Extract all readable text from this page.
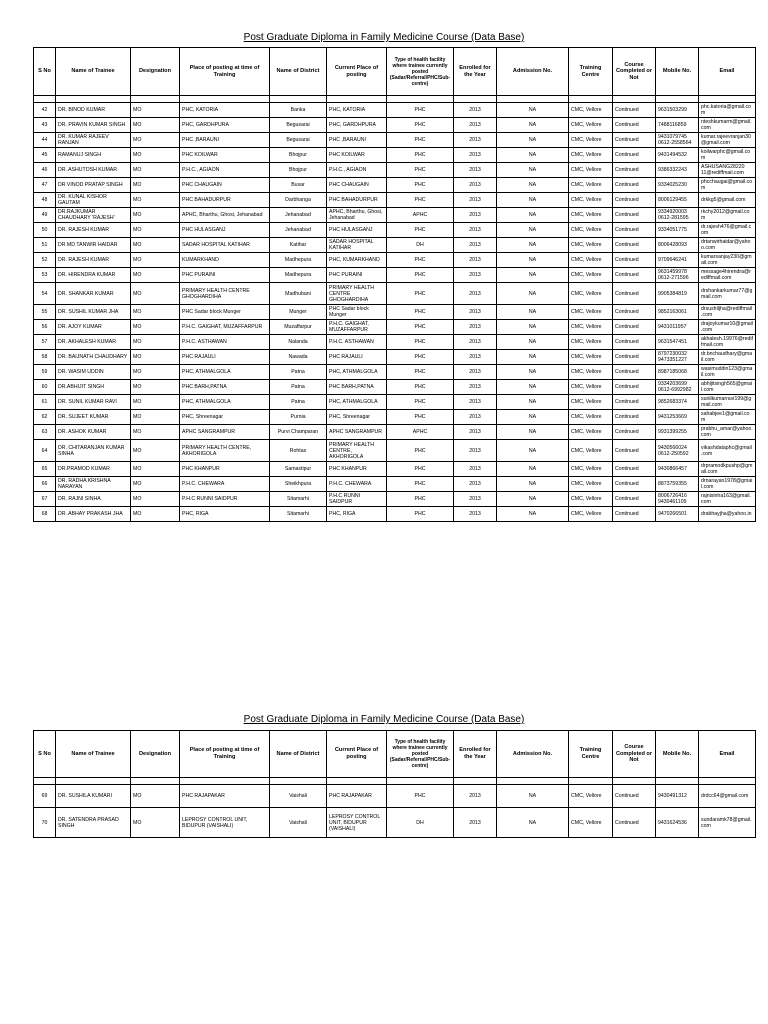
Post Graduate Diploma in Family Medicine Course (Data Base)
S No	Name of Trainee	Designation	Place of posting at time of Training	Name of District	Current Place of posting	Type of health facility where trainee currently posted (Sadar/Referral/PHC/Sub-centre)	Enrolled for the Year	Admission No.	Training Centre	Course Completed or Not	Mobile No.	Email

42	DR. BINOD KUMAR	MO	PHC, KATORIA	Banka	PHC, KATORIA	PHC	2013	NA	CMC, Vellore	Continued	9631503299	phc.katoria@gmail.com
43	DR. PRAVIN KUMAR SINGH	MO	PHC, GARDHPURA	Begusarai	PHC, GARDHPURA	PHC	2013	NA	CMC, Vellore	Continued	7488116859	nteshkumarm@gmail.com
44	DR. KUMAR RAJEEV RANJAN	MO	PHC ,BARAUNI	Begusarai	PHC ,BARAUNI	PHC	2013	NA	CMC, Vellore	Continued	9431079745 0612-2558564	kumar.rajeevranjan30@gmail.com
45	RAMANUJ SINGH	MO	PHC KOILWAR	Bhojpur	PHC KOILWAR	PHC	2013	NA	CMC, Vellore	Continued	9431494532	koilwarphc@gmail.com
46	DR. ASHUTOSH KUMAR	MO	P.H.C., AGIAON	Bhojpur	P.H.C., AGIAON	PHC	2013	NA	CMC, Vellore	Continued	9386332243	ASHUSANG28220 11@rediffmail.com
47	DR VINOD PRATAP SINGH	MO	PHC CHAUGAIN	Buxar	PHC CHAUGAIN	PHC	2013	NA	CMC, Vellore	Continued	9334025230	phcchaugai@gmail.com
48	DR. KUNAL KISHOR GAUTAM	MO	PHC BAHADURPUR	Darbhanga	PHC BAHADURPUR	PHC	2013	NA	CMC, Vellore	Continued	8006129455	drkkg5@gmail.com
49	DR.RAJKUMAR CHAUDHARY 'RAJESH'	MO	APHC, Bharthu, Ghosi, Jehanabad	Jehanabad	APHC, Bharthu, Ghosi, Jehanabad	APHC	2013	NA	CMC, Vellore	Continued	9334920003 0612-281595	rkchy2012@gmail.com
50	DR. RAJESH KUMAR	MO	PHC HULASGANJ	Jehanabad	PHC HULASGANJ	PHC	2013	NA	CMC, Vellore	Continued	9334051775	dr.rajesh476@gmail.com
51	DR MD TANWIR HAIDAR	MO	SADAR HOSPITAL KATIHAR	Katihar	SADAR HOSPITAL KATIHAR	DH	2013	NA	CMC, Vellore	Continued	8006428093	drtanwirhaidar@yahoo.com
52	DR. RAJESH KUMAR	MO	KUMARKHAND	Madhepura	PHC, KUMARKHAND	PHC	2013	NA	CMC, Vellore	Continued	9709646241	kumarsanjay230@gmail.com
53	DR. HIRENDRA KUMAR	MO	PHC PURAINI	Madhepura	PHC PURAINI	PHC	2013	NA	CMC, Vellore	Continued	9631459978 0612-271596	message4hirendra@rediffmail.com
54	DR. SHANKAR KUMAR	MO	PRIMARY HEALTH CENTRE GHOGHARDIHA	Madhubani	PRIMARY HEALTH CENTRE GHOGHARDIHA	PHC	2013	NA	CMC, Vellore	Continued	9905384819	drshankarkumar77@gmail.com
55	DR. SUSHIL KUMAR JHA	MO	PHC Sadar block Munger	Munger	PHC Sadar block Munger	PHC	2013	NA	CMC, Vellore	Continued	9852163061	drsushiljha@rediffmail.com
56	DR. AJOY KUMAR	MO	P.H.C. GAIGHAT, MUZAFFARPUR	Muzaffarpur	P.H.C. GAIGHAT, MUZAFFARPUR	PHC	2013	NA	CMC, Vellore	Continued	9431011957	drajoykumar10@gmail.com
57	DR. AKHALESH KUMAR	MO	P.H.C. ASTHAWAN	Nalanda	P.H.C. ASTHAWAN	PHC	2013	NA	CMC, Vellore	Continued	9631547451	akhalesh.19976@rediffmail.com
58	DR. BAIJNATH CHAUDHARY	MO	PHC RAJAULI	Nawada	PHC RAJAULI	PHC	2013	NA	CMC, Vellore	Continued	8797230032 9473351227	dr.bnchaudhary@gmail.com
59	DR. WASIM UDDIN	MO	PHC, ATHMALGOLA	Patna	PHC, ATHMALGOLA	PHC	2013	NA	CMC, Vellore	Continued	8987185068	wasimuddin123@gmail.com
60	DR.ABHIJIT SINGH	MO	PHC BARH,PATNA	Patna	PHC BARH,PATNA	PHC	2013	NA	CMC, Vellore	Continued	9334203699 0612-6992982	abhijitsingh565@gmail.com
61	DR. SUNIL KUMAR RAVI	MO	PHC, ATHMALGOLA	Patna	PHC, ATHMALGOLA	PHC	2013	NA	CMC, Vellore	Continued	9852683374	sunilkumarravi199@gmail.com
62	DR. SUJEET KUMAR	MO	PHC, Shreenagar	Purnia	PHC, Shreenagar	PHC	2013	NA	CMC, Vellore	Continued	9431253669	sahabjee1@gmail.com
63	DR. ASHOK KUMAR	MO	APHC SANGRAMPUR	Purvi Champaran	APHC SANGRAMPUR	APHC	2013	NA	CMC, Vellore	Continued	9931399255	prabhu_amar@yahoo.com
64	DR. CHITARANJAN KUMAR SINHA	MO	PRIMARY HEALTH CENTRE, AKHORIGOLA	Rohtas	PRIMARY HEALTH CENTRE, AKHORIGOLA	PHC	2013	NA	CMC, Vellore	Continued	9430566024 0612-250592	vikashdataphc@gmail.com
65	DR.PRAMOD KUMAR	MO	PHC KHANPUR	Samastipur	PHC KHANPUR	PHC	2013	NA	CMC, Vellore	Continued	9430866457	drpramodkpushp@gmail.com
66	DR. RADHA KRISHNA NARAYAN	MO	P.H.C. CHEWARA	Sheikhpura	P.H.C. CHEWARA	PHC	2013	NA	CMC, Vellore	Continued	8873759355	drnarayan1978@gmail.com
67	DR. RAJNI SINHA	MO	P.H.C RUNNI SAIDPUR	Sitamarhi	P.H.C RUNNI SAIDPUR	PHC	2013	NA	CMC, Vellore	Continued	8006726416 9430461109	rajnisinha163@gmail.com
68	DR. ABHAY PRAKASH JHA	MO	PHC, RIGA	Sitamarhi	PHC, RIGA	PHC	2013	NA	CMC, Vellore	Continued	9470266501	drabhayjha@yahoo.in
Post Graduate Diploma in Family Medicine Course (Data Base)
S No	Name of Trainee	Designation	Place of posting at time of Training	Name of District	Current Place of posting	Type of health facility where trainee currently posted (Sadar/Referral/PHC/Sub-centre)	Enrolled for the Year	Admission No.	Training Centre	Course Completed or Not	Mobile No.	Email

69	DR. SUSHILA KUMARI	MO	PHC RAJAPAKAR	Vaishali	PHC RAJAPAKAR	PHC	2013	NA	CMC, Vellore	Continued	9430491312	drdcc64@gmail.com
70	DR. SATENDRA PRASAD SINGH	MO	LEPROSY CONTROL UNIT, BIDUPUR (VAISHALI)	Vaishali	LEPROSY CONTROL UNIT, BIDUPUR (VAISHALI)	DH	2013	NA	CMC, Vellore	Continued	9431624536	sundaramk78@gmail.com
